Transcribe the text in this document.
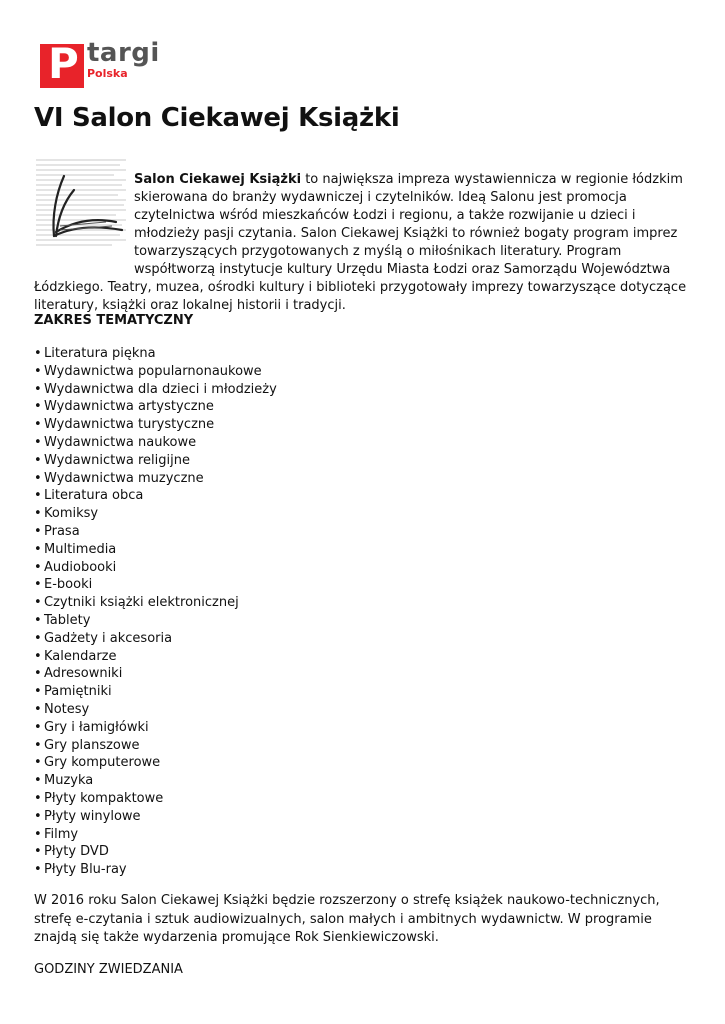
P targi
Polska
VI Salon Ciekawej Książki
Salon Ciekawej Książki to największa impreza wystawiennicza w regionie łódzkim skierowana do branży wydawniczej i czytelników. Ideą Salonu jest promocja czytelnictwa wśród mieszkańców Łodzi i regionu, a także rozwijanie u dzieci i młodzieży pasji czytania. Salon Ciekawej Książki to również bogaty program imprez towarzyszących przygotowanych z myślą o miłośnikach literatury. Program współtworzą instytucje kultury Urzędu Miasta Łodzi oraz Samorządu Województwa Łódzkiego. Teatry, muzea, ośrodki kultury i biblioteki przygotowały imprezy towarzyszące dotyczące literatury, książki oraz lokalnej historii i tradycji.
ZAKRES TEMATYCZNY
• Literatura piękna
• Wydawnictwa popularnonaukowe
• Wydawnictwa dla dzieci i młodzieży
• Wydawnictwa artystyczne
• Wydawnictwa turystyczne
• Wydawnictwa naukowe
• Wydawnictwa religijne
• Wydawnictwa muzyczne
• Literatura obca
• Komiksy
• Prasa
• Multimedia
• Audiobooki
• E-booki
• Czytniki książki elektronicznej
• Tablety
• Gadżety i akcesoria
• Kalendarze
• Adresowniki
• Pamiętniki
• Notesy
• Gry i łamigłówki
• Gry planszowe
• Gry komputerowe
• Muzyka
• Płyty kompaktowe
• Płyty winylowe
• Filmy
• Płyty DVD
• Płyty Blu-ray
W 2016 roku Salon Ciekawej Książki będzie rozszerzony o strefę książek naukowo-technicznych, strefę e-czytania i sztuk audiowizualnych, salon małych i ambitnych wydawnictw. W programie znajdą się także wydarzenia promujące Rok Sienkiewiczowski.
GODZINY ZWIEDZANIA
